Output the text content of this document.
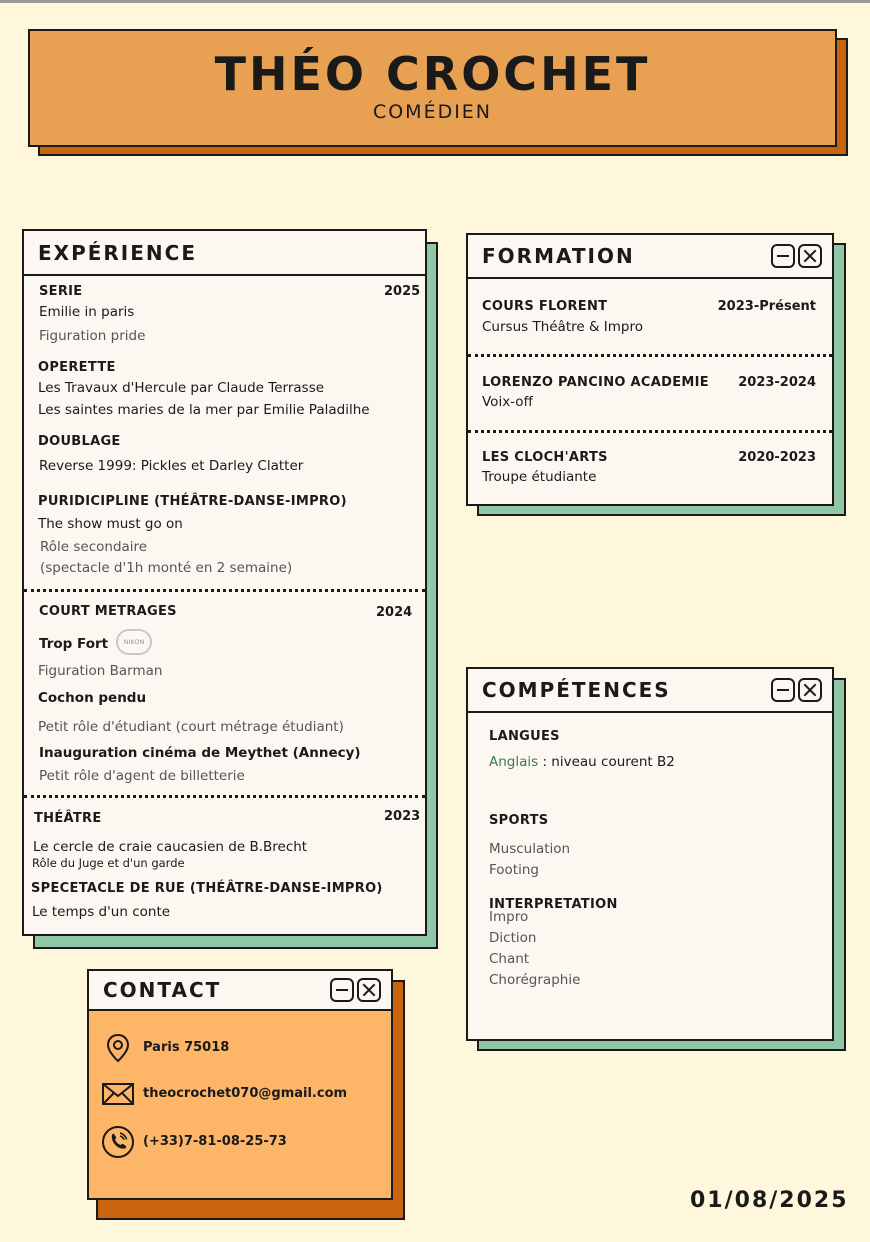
THÉO CROCHET
COMÉDIEN
EXPÉRIENCE
SERIE	2025
Emilie in paris
Figuration pride
OPERETTE
Les Travaux d'Hercule par Claude Terrasse
Les saintes maries de la mer par Emilie Paladilhe
DOUBLAGE
Reverse 1999: Pickles et Darley Clatter
PURIDICIPLINE (THÉÂTRE-DANSE-IMPRO)
The show must go on
Rôle secondaire
(spectacle d'1h monté en 2 semaine)
COURT METRAGES	2024
Trop Fort	NIKON
Figuration Barman
Cochon pendu
Petit rôle d'étudiant (court métrage étudiant)
Inauguration cinéma de Meythet (Annecy)
Petit rôle d'agent de billetterie
THÉÂTRE	2023
Le cercle de craie caucasien de B.Brecht
Rôle du Juge et d'un garde
SPECETACLE DE RUE (THÉÂTRE-DANSE-IMPRO)
Le temps d'un conte
FORMATION
COURS FLORENT	2023-Présent
Cursus Théâtre & Impro
LORENZO PANCINO ACADEMIE 2023-2024
Voix-off
LES CLOCH'ARTS	2020-2023
Troupe étudiante
COMPÉTENCES
LANGUES
Anglais : niveau courent B2
SPORTS
Musculation
Footing
INTERPRETATION
Impro
Diction
Chant
Chorégraphie
CONTACT
Paris 75018
theocrochet070@gmail.com
(+33)7-81-08-25-73
01/08/2025
